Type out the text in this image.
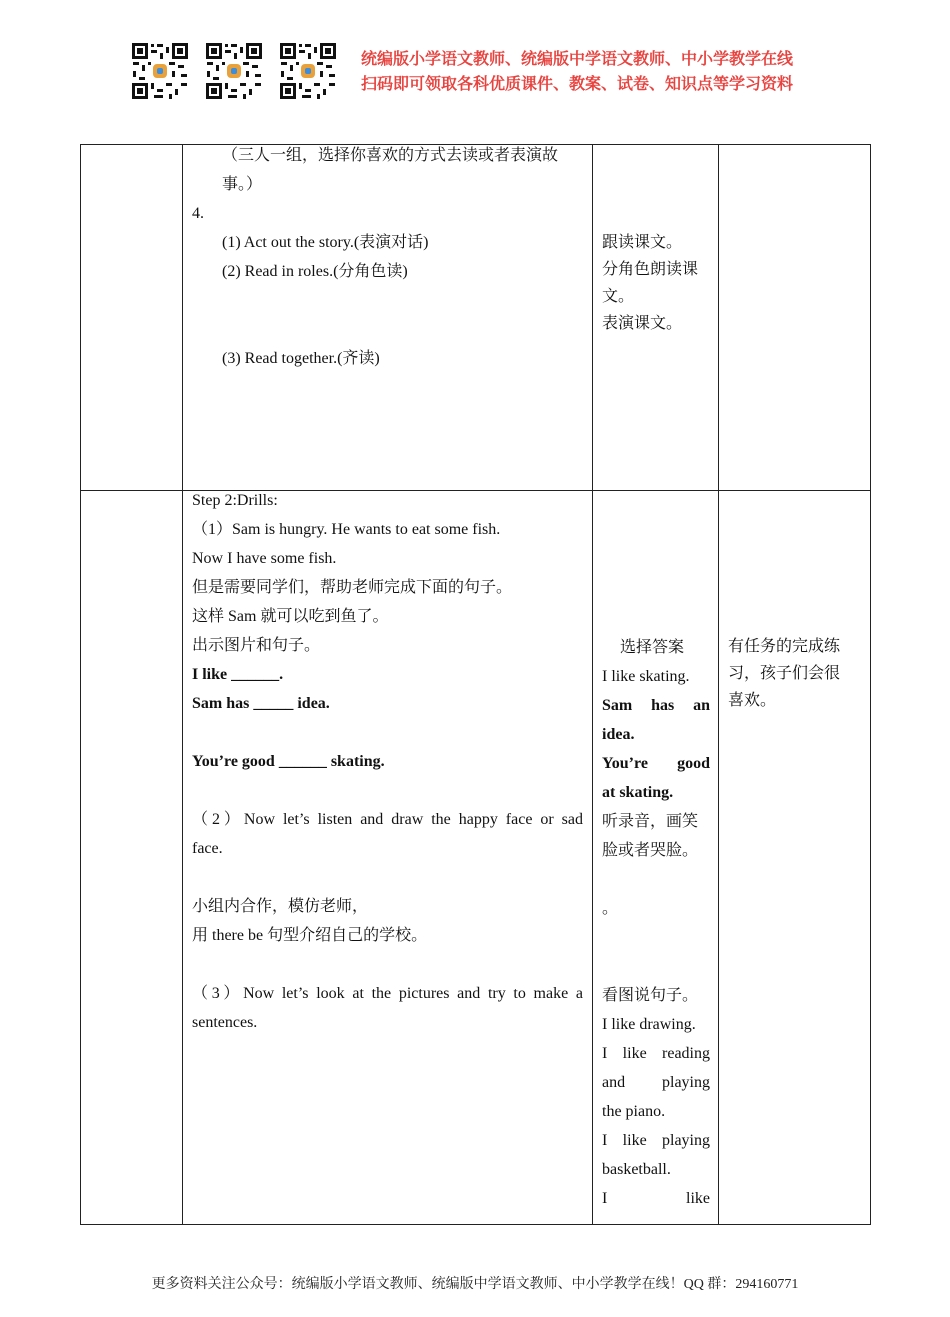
统编版小学语文教师、统编版中学语文教师、中小学教学在线
扫码即可领取各科优质课件、教案、试卷、知识点等学习资料

（三人一组，选择你喜欢的方式去读或者表演故

事。）

4.

(1) Act out the story.(表演对话)

(2) Read in roles.(分角色读)

(3) Read together.(齐读)

跟读课文。

分角色朗读课

文。

表演课文。

Step 2:Drills:

（1）Sam is hungry. He wants to eat some fish.

Now I have some fish.

但是需要同学们，帮助老师完成下面的句子。

这样 Sam 就可以吃到鱼了。

出示图片和句子。

I like ______.

Sam has _____ idea.

You’re good ______ skating.

（2）Now let’s listen and draw the happy face or sad

face.

小组内合作，模仿老师，

用 there be 句型介绍自己的学校。

（3）Now let’s look at the pictures and try to make a

sentences.

选择答案

I like skating.

Sam has an

idea.

You’re good

at skating.

听录音，画笑

脸或者哭脸。

。

看图说句子。

I like drawing.

I like reading

and playing

the piano.

I like playing

basketball.

I like

有任务的完成练

习，孩子们会很

喜欢。

更多资料关注公众号：统编版小学语文教师、统编版中学语文教师、中小学教学在线！QQ 群：294160771
